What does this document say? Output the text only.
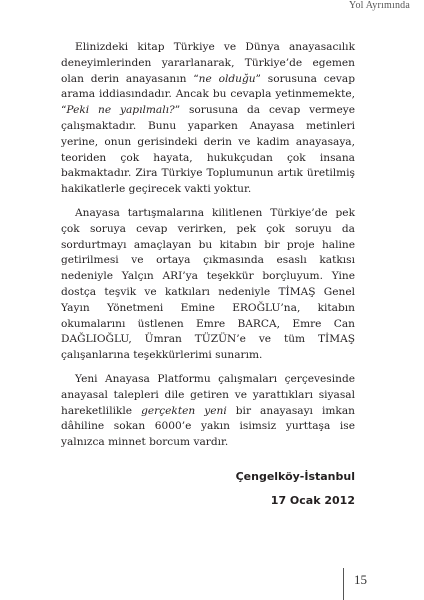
Yol Ayrımında

Elinizdeki kitap Türkiye ve Dünya anayasacılık deneyimlerinden yararlanarak, Türkiye’de egemen olan derin anayasanın “ne olduğu” sorusuna cevap arama iddiasındadır. Ancak bu cevapla yetinmemekte, “Peki ne yapılmalı?” sorusuna da cevap vermeye çalışmaktadır. Bunu yaparken Anayasa metinleri yerine, onun gerisindeki derin ve kadim anayasaya, teoriden çok hayata, hukukçudan çok insana bakmaktadır. Zira Türkiye Toplumunun artık üretilmiş hakikatlerle geçirecek vakti yoktur.

Anayasa tartışmalarına kilitlenen Türkiye’de pek çok soruya cevap verirken, pek çok soruyu da sordurtmayı amaçlayan bu kitabın bir proje haline getirilmesi ve ortaya çıkmasında esaslı katkısı nedeniyle Yalçın ARI’ya teşekkür borçluyum. Yine dostça teşvik ve katkıları nedeniyle TİMAŞ Genel Yayın Yönetmeni Emine EROĞLU’na, kitabın okumalarını üstlenen Emre BARCA, Emre Can DAĞLIOĞLU, Ümran TÜZÜN’e ve tüm TİMAŞ çalışanlarına teşekkürlerimi sunarım.

Yeni Anayasa Platformu çalışmaları çerçevesinde anayasal talepleri dile getiren ve yarattıkları siyasal hareketlilikle gerçekten yeni bir anayasayı imkan dâhiline sokan 6000’e yakın isimsiz yurttaşa ise yalnızca minnet borcum vardır.

Çengelköy-İstanbul
17 Ocak 2012
15
